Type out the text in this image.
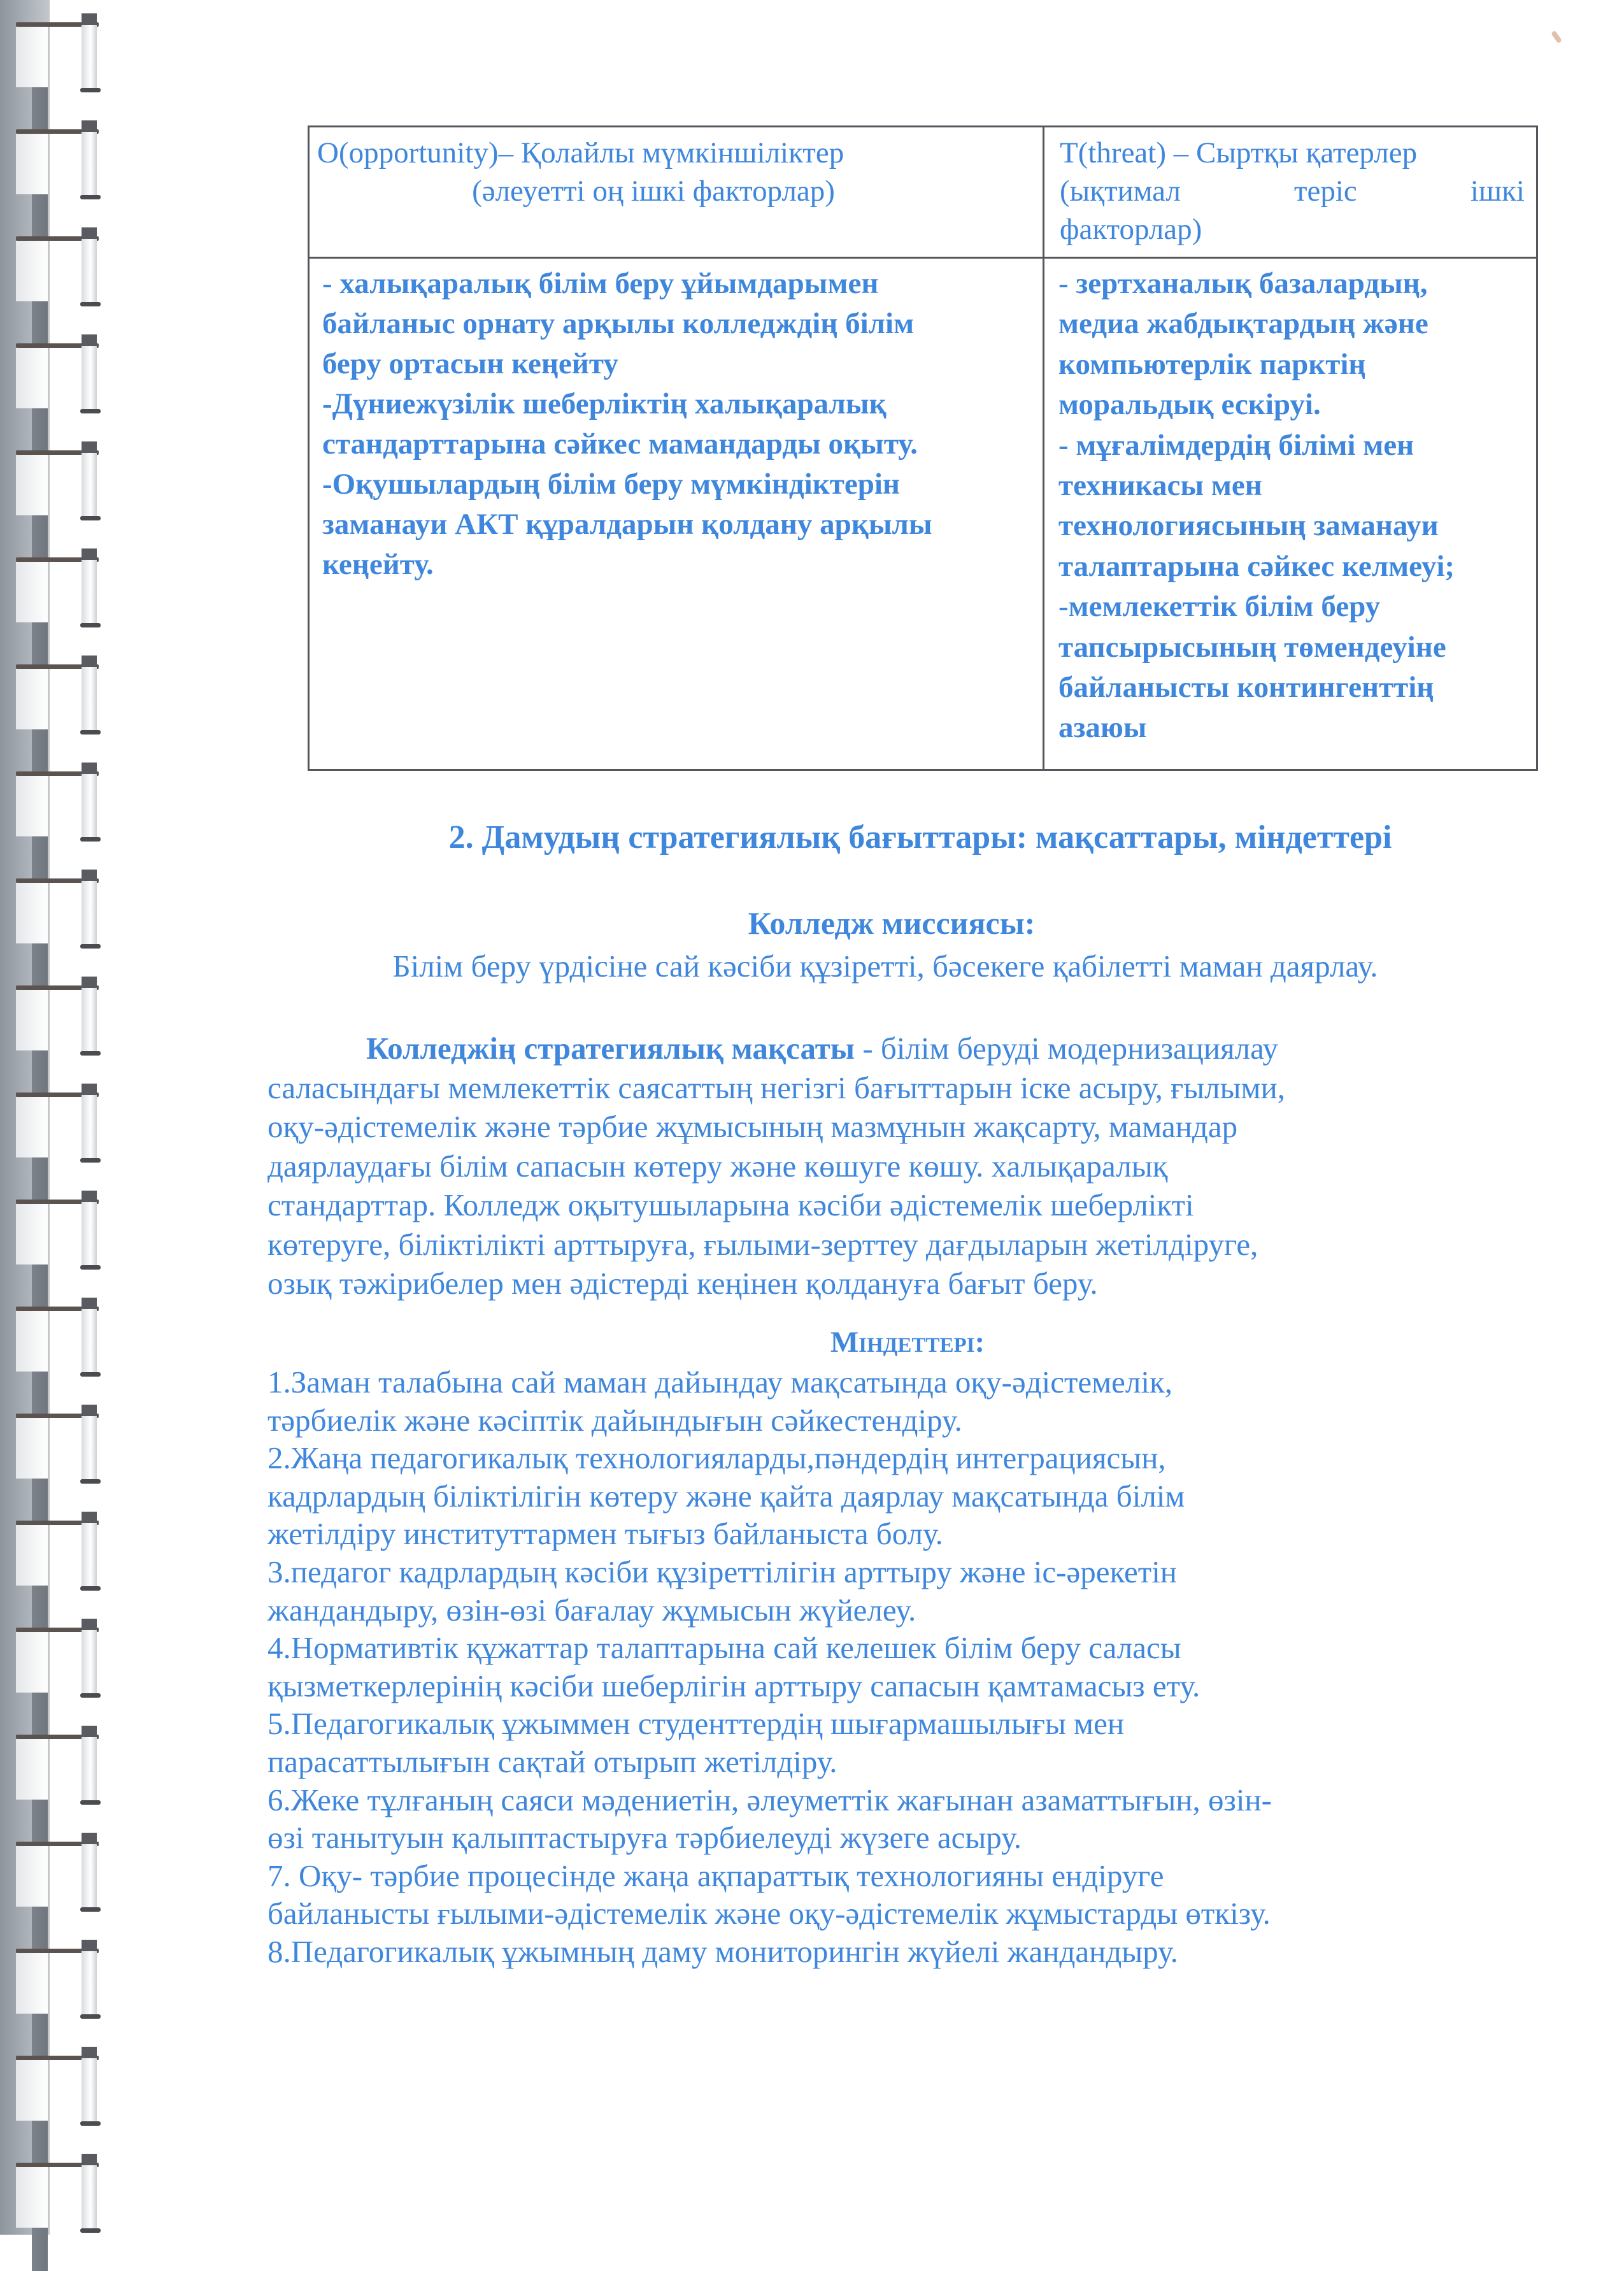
O(opportunity)– Қолайлы мүмкіншіліктер
(әлеуетті оң ішкі факторлар)
T(threat) – Сыртқы қатерлер
(ықтимал	теріс	ішкі
факторлар)
- халықаралық білім беру ұйымдарымен
байланыс орнату арқылы колледждің білім
беру ортасын кеңейту
-Дүниежүзілік шеберліктің халықаралық
стандарттарына сәйкес мамандарды оқыту.
-Оқушылардың білім беру мүмкіндіктерін
заманауи АКТ құралдарын қолдану арқылы
кеңейту.
- зертханалық базалардың,
медиа жабдықтардың және
компьютерлік парктің
моральдық ескіруі.
- мұғалімдердің білімі мен
техникасы мен
технологиясының заманауи
талаптарына сәйкес келмеуі;
-мемлекеттік білім беру
тапсырысының төмендеуіне
байланысты контингенттің
азаюы
2. Дамудың стратегиялық бағыттары: мақсаттары, міндеттері
Колледж миссиясы:
Білім беру үрдісіне сай кәсіби құзіретті, бәсекеге қабілетті маман даярлау.
Колледжің стратегиялық мақсаты - білім беруді модернизациялау
саласындағы мемлекеттік саясаттың негізгі бағыттарын іске асыру, ғылыми,
оқу-әдістемелік және тәрбие жұмысының мазмұнын жақсарту, мамандар
даярлаудағы білім сапасын көтеру және көшуге көшу. халықаралық
стандарттар. Колледж оқытушыларына кәсіби әдістемелік шеберлікті
көтеруге, біліктілікті арттыруға, ғылыми-зерттеу дағдыларын жетілдіруге,
озық тәжірибелер мен әдістерді кеңінен қолдануға бағыт беру.
Міндеттері:
1.Заман талабына сай маман дайындау мақсатында оқу-әдістемелік,
тәрбиелік және кәсіптік дайындығын сәйкестендіру.
2.Жаңа педагогикалық технологияларды,пәндердің интеграциясын,
кадрлардың біліктілігін көтеру және қайта даярлау мақсатында білім
жетілдіру институттармен тығыз байланыста болу.
3.педагог кадрлардың кәсіби құзіреттілігін арттыру және іс-әрекетін
жандандыру, өзін-өзі бағалау жұмысын жүйелеу.
4.Нормативтік құжаттар талаптарына сай келешек білім беру саласы
қызметкерлерінің кәсіби шеберлігін арттыру сапасын қамтамасыз ету.
5.Педагогикалық ұжыммен студенттердің шығармашылығы мен
парасаттылығын сақтай отырып жетілдіру.
6.Жеке тұлғаның саяси мәдениетін, әлеуметтік жағынан азаматтығын, өзін-
өзі танытуын қалыптастыруға тәрбиелеуді жүзеге асыру.
7. Оқу- тәрбие процесінде жаңа ақпараттық технологияны ендіруге
байланысты ғылыми-әдістемелік және оқу-әдістемелік жұмыстарды өткізу.
8.Педагогикалық ұжымның даму мониторингін жүйелі жандандыру.
